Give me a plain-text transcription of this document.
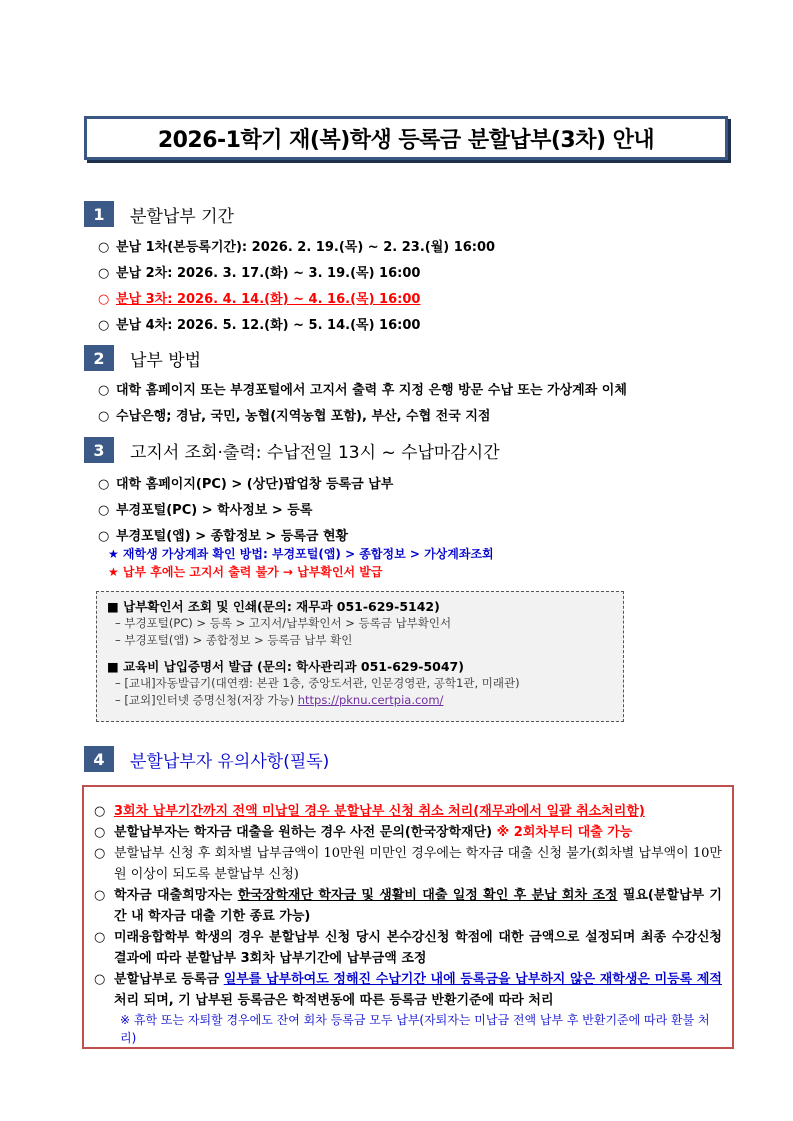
2026-1학기 재(복)학생 등록금 분할납부(3차) 안내
1	분할납부 기간
○ 분납 1차(본등록기간): 2026. 2. 19.(목) ~ 2. 23.(월) 16:00
○ 분납 2차: 2026. 3. 17.(화) ~ 3. 19.(목) 16:00
○ 분납 3차: 2026. 4. 14.(화) ~ 4. 16.(목) 16:00
○ 분납 4차: 2026. 5. 12.(화) ~ 5. 14.(목) 16:00
2	납부 방법
○ 대학 홈페이지 또는 부경포털에서 고지서 출력 후 지정 은행 방문 수납 또는 가상계좌 이체
○ 수납은행; 경남, 국민, 농협(지역농협 포함), 부산, 수협 전국 지점
3	고지서 조회·출력: 수납전일 13시 ~ 수납마감시간
○ 대학 홈페이지(PC) > (상단)팝업창 등록금 납부
○ 부경포털(PC) > 학사정보 > 등록
○ 부경포털(앱) > 종합정보 > 등록금 현황
★ 재학생 가상계좌 확인 방법: 부경포털(앱) > 종합정보 > 가상계좌조회
★ 납부 후에는 고지서 출력 불가 → 납부확인서 발급
■ 납부확인서 조회 및 인쇄(문의: 재무과 051-629-5142)
– 부경포털(PC) > 등록 > 고지서/납부확인서 > 등록금 납부확인서
– 부경포털(앱) > 종합정보 > 등록금 납부 확인
■ 교육비 납입증명서 발급 (문의: 학사관리과 051-629-5047)
– [교내]자동발급기(대연캠: 본관 1층, 중앙도서관, 인문경영관, 공학1관, 미래관)
– [교외]인터넷 증명신청(저장 가능) https://pknu.certpia.com/
4	분할납부자 유의사항(필독)
○ 3회차 납부기간까지 전액 미납일 경우 분할납부 신청 취소 처리(재무과에서 일괄 취소처리함)
○ 분할납부자는 학자금 대출을 원하는 경우 사전 문의(한국장학재단) ※ 2회차부터 대출 가능
○ 분할납부 신청 후 회차별 납부금액이 10만원 미만인 경우에는 학자금 대출 신청 불가(회차별 납부액이 10만원 이상이 되도록 분할납부 신청)
○ 학자금 대출희망자는 한국장학재단 학자금 및 생활비 대출 일정 확인 후 분납 회차 조정 필요(분할납부 기간 내 학자금 대출 기한 종료 가능)
○ 미래융합학부 학생의 경우 분할납부 신청 당시 본수강신청 학점에 대한 금액으로 설정되며 최종 수강신청 결과에 따라 분할납부 3회차 납부기간에 납부금액 조정
○ 분할납부로 등록금 일부를 납부하여도 정해진 수납기간 내에 등록금을 납부하지 않은 재학생은 미등록 제적처리 되며, 기 납부된 등록금은 학적변동에 따른 등록금 반환기준에 따라 처리
※ 휴학 또는 자퇴할 경우에도 잔여 회차 등록금 모두 납부(자퇴자는 미납금 전액 납부 후 반환기준에 따라 환불 처리)
